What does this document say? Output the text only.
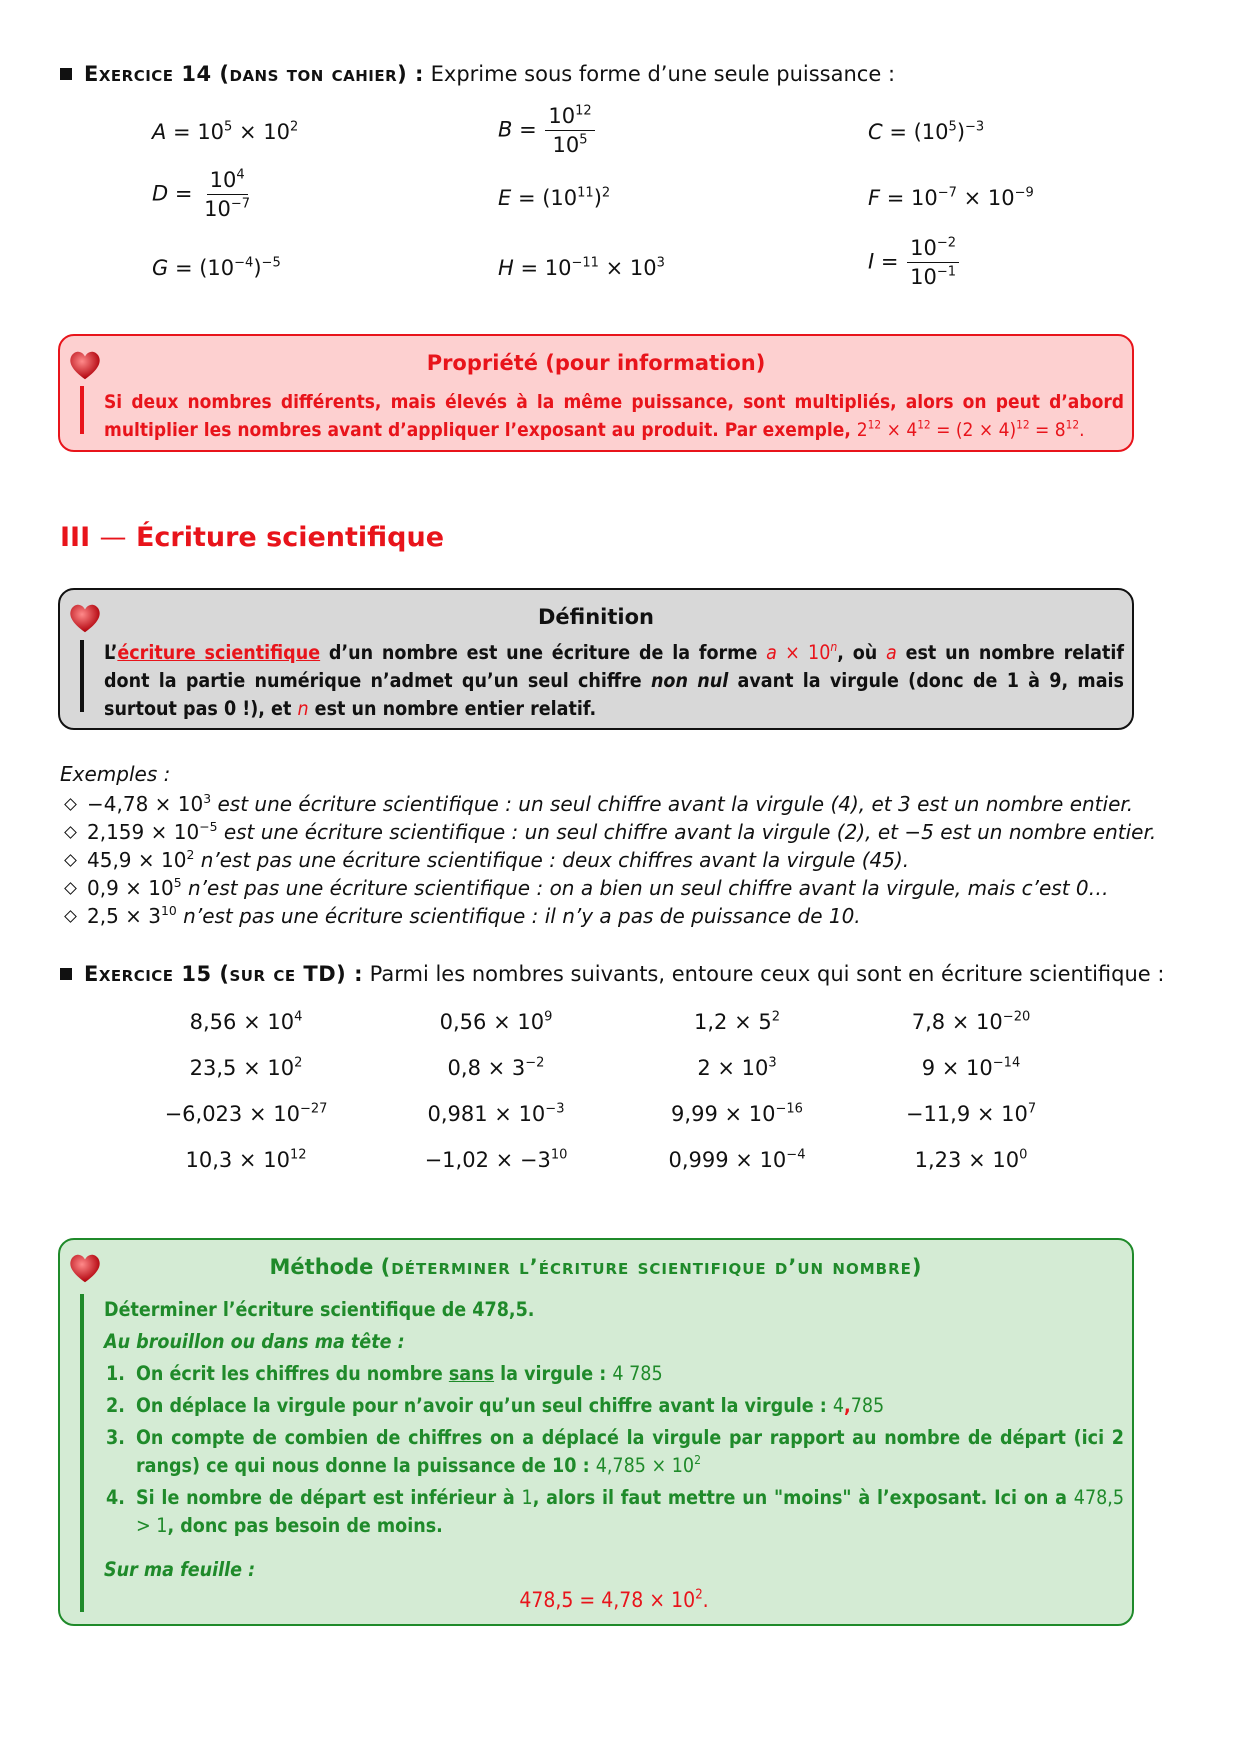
Exercice 14 (dans ton cahier) : Exprime sous forme d’une seule puissance :
$A = 10^5 \times 10^2$	$B = \frac{10^{12}}{10^5}$	$C = (10^5)^{-3}$
$D = \frac{10^4}{10^{-7}}$	$E = (10^{11})^2$	$F = 10^{-7} \times 10^{-9}$
$G = (10^{-4})^{-5}$	$H = 10^{-11} \times 10^3$	$I = \frac{10^{-2}}{10^{-1}}$
Propriété (pour information)
Si deux nombres différents, mais élevés à la même puissance, sont multipliés, alors on peut d’abord multiplier les nombres avant d’appliquer l’exposant au produit. Par exemple, $2^{12} \times 4^{12} = (2 \times 4)^{12} = 8^{12}$.
III — Écriture scientifique
Définition
L’écriture scientifique d’un nombre est une écriture de la forme $a \times 10^n$, où a est un nombre relatif dont la partie numérique n’admet qu’un seul chiffre non nul avant la virgule (donc de 1 à 9, mais surtout pas 0 !), et n est un nombre entier relatif.
Exemples :
$-4,78 \times 10^3$ est une écriture scientifique : un seul chiffre avant la virgule (4), et 3 est un nombre entier.
$2,159 \times 10^{-5}$ est une écriture scientifique : un seul chiffre avant la virgule (2), et −5 est un nombre entier.
$45,9 \times 10^2$ n’est pas une écriture scientifique : deux chiffres avant la virgule (45).
$0,9 \times 10^5$ n’est pas une écriture scientifique : on a bien un seul chiffre avant la virgule, mais c’est 0…
$2,5 \times 3^{10}$ n’est pas une écriture scientifique : il n’y a pas de puissance de 10.
Exercice 15 (sur ce TD) : Parmi les nombres suivants, entoure ceux qui sont en écriture scientifique :
$8,56 \times 10^4$	$0,56 \times 10^9$	$1,2 \times 5^2$	$7,8 \times 10^{-20}$
$23,5 \times 10^2$	$0,8 \times 3^{-2}$	$2 \times 10^3$	$9 \times 10^{-14}$
$-6,023 \times 10^{-27}$	$0,981 \times 10^{-3}$	$9,99 \times 10^{-16}$	$-11,9 \times 10^7$
$10,3 \times 10^{12}$	$-1,02 \times -3^{10}$	$0,999 \times 10^{-4}$	$1,23 \times 10^0$
Méthode (déterminer l’écriture scientifique d’un nombre)

Déterminer l’écriture scientifique de 478,5.

Au brouillon ou dans ma tête :

1. On écrit les chiffres du nombre sans la virgule : 4 785
2. On déplace la virgule pour n’avoir qu’un seul chiffre avant la virgule : 4,785
3. On compte de combien de chiffres on a déplacé la virgule par rapport au nombre de départ (ici 2 rangs) ce qui nous donne la puissance de 10 : $4,785 \times 10^2$
4. Si le nombre de départ est inférieur à 1, alors il faut mettre un "moins" à l’exposant. Ici on a 478,5 > 1, donc pas besoin de moins.

Sur ma feuille :

$478,5 = 4,78 \times 10^2$.
